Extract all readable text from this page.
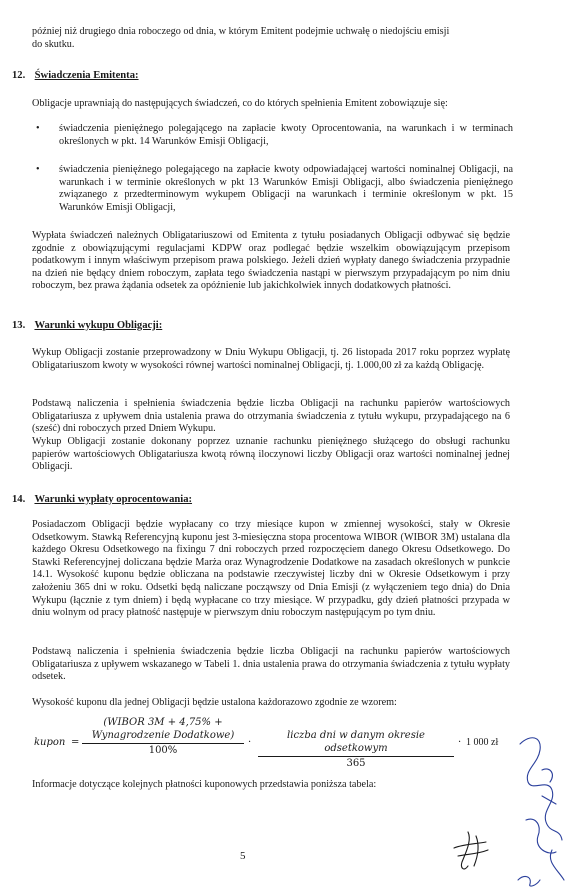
później niż drugiego dnia roboczego od dnia, w którym Emitent podejmie uchwałę o niedojściu emisji

do skutku.

12. Świadczenia Emitenta:

Obligacje uprawniają do następujących świadczeń, co do których spełnienia Emitent zobowiązuje się:

• świadczenia pieniężnego polegającego na zapłacie kwoty Oprocentowania, na warunkach i w terminach określonych w pkt. 14 Warunków Emisji Obligacji,

• świadczenia pieniężnego polegającego na zapłacie kwoty odpowiadającej wartości nominalnej Obligacji, na warunkach i w terminie określonych w pkt 13 Warunków Emisji Obligacji, albo świadczenia pieniężnego związanego z przedterminowym wykupem Obligacji na warunkach i terminie określonym w pkt. 15 Warunków Emisji Obligacji,

Wypłata świadczeń należnych Obligatariuszowi od Emitenta z tytułu posiadanych Obligacji odbywać się będzie zgodnie z obowiązującymi regulacjami KDPW oraz podlegać będzie wszelkim obowiązującym przepisom podatkowym i innym właściwym przepisom prawa polskiego. Jeżeli dzień wypłaty danego świadczenia przypadnie na dzień nie będący dniem roboczym, zapłata tego świadczenia nastąpi w pierwszym przypadającym po nim dniu roboczym, bez prawa żądania odsetek za opóźnienie lub jakichkolwiek innych dodatkowych płatności.

13. Warunki wykupu Obligacji:

Wykup Obligacji zostanie przeprowadzony w Dniu Wykupu Obligacji, tj. 26 listopada 2017 roku poprzez wypłatę Obligatariuszom kwoty w wysokości równej wartości nominalnej Obligacji, tj. 1.000,00 zł za każdą Obligację.

Podstawą naliczenia i spełnienia świadczenia będzie liczba Obligacji na rachunku papierów wartościowych Obligatariusza z upływem dnia ustalenia prawa do otrzymania świadczenia z tytułu wykupu, przypadającego na 6 (sześć) dni roboczych przed Dniem Wykupu.

Wykup Obligacji zostanie dokonany poprzez uznanie rachunku pieniężnego służącego do obsługi rachunku papierów wartościowych Obligatariusza kwotą równą iloczynowi liczby Obligacji oraz wartości nominalnej jednej Obligacji.

14. Warunki wypłaty oprocentowania:

Posiadaczom Obligacji będzie wypłacany co trzy miesiące kupon w zmiennej wysokości, stały w Okresie Odsetkowym. Stawką Referencyjną kuponu jest 3-miesięczna stopa procentowa WIBOR (WIBOR 3M) ustalana dla każdego Okresu Odsetkowego na fixingu 7 dni roboczych przed rozpoczęciem danego Okresu Odsetkowego. Do Stawki Referencyjnej doliczana będzie Marża oraz Wynagrodzenie Dodatkowe na zasadach określonych w punkcie 14.1. Wysokość kuponu będzie obliczana na podstawie rzeczywistej liczby dni w Okresie Odsetkowym i przy założeniu 365 dni w roku. Odsetki będą naliczane począwszy od Dnia Emisji (z wyłączeniem tego dnia) do Dnia Wykupu (łącznie z tym dniem) i będą wypłacane co trzy miesiące. W przypadku, gdy dzień płatności przypada w dniu wolnym od pracy płatność następuje w pierwszym dniu roboczym następującym po tym dniu.

Podstawą naliczenia i spełnienia świadczenia będzie liczba Obligacji na rachunku papierów wartościowych Obligatariusza z upływem wskazanego w Tabeli 1. dnia ustalenia prawa do otrzymania świadczenia z tytułu wypłaty odsetek.

Wysokość kuponu dla jednej Obligacji będzie ustalona każdorazowo zgodnie ze wzorem:

kupon =
(WIBOR 3M + 4,75% +
Wynagrodzenie Dodatkowe)
100%
·
liczba dni w danym okresie odsetkowym
365
· 1 000 zł

Informacje dotyczące kolejnych płatności kuponowych przedstawia poniższa tabela:

5
